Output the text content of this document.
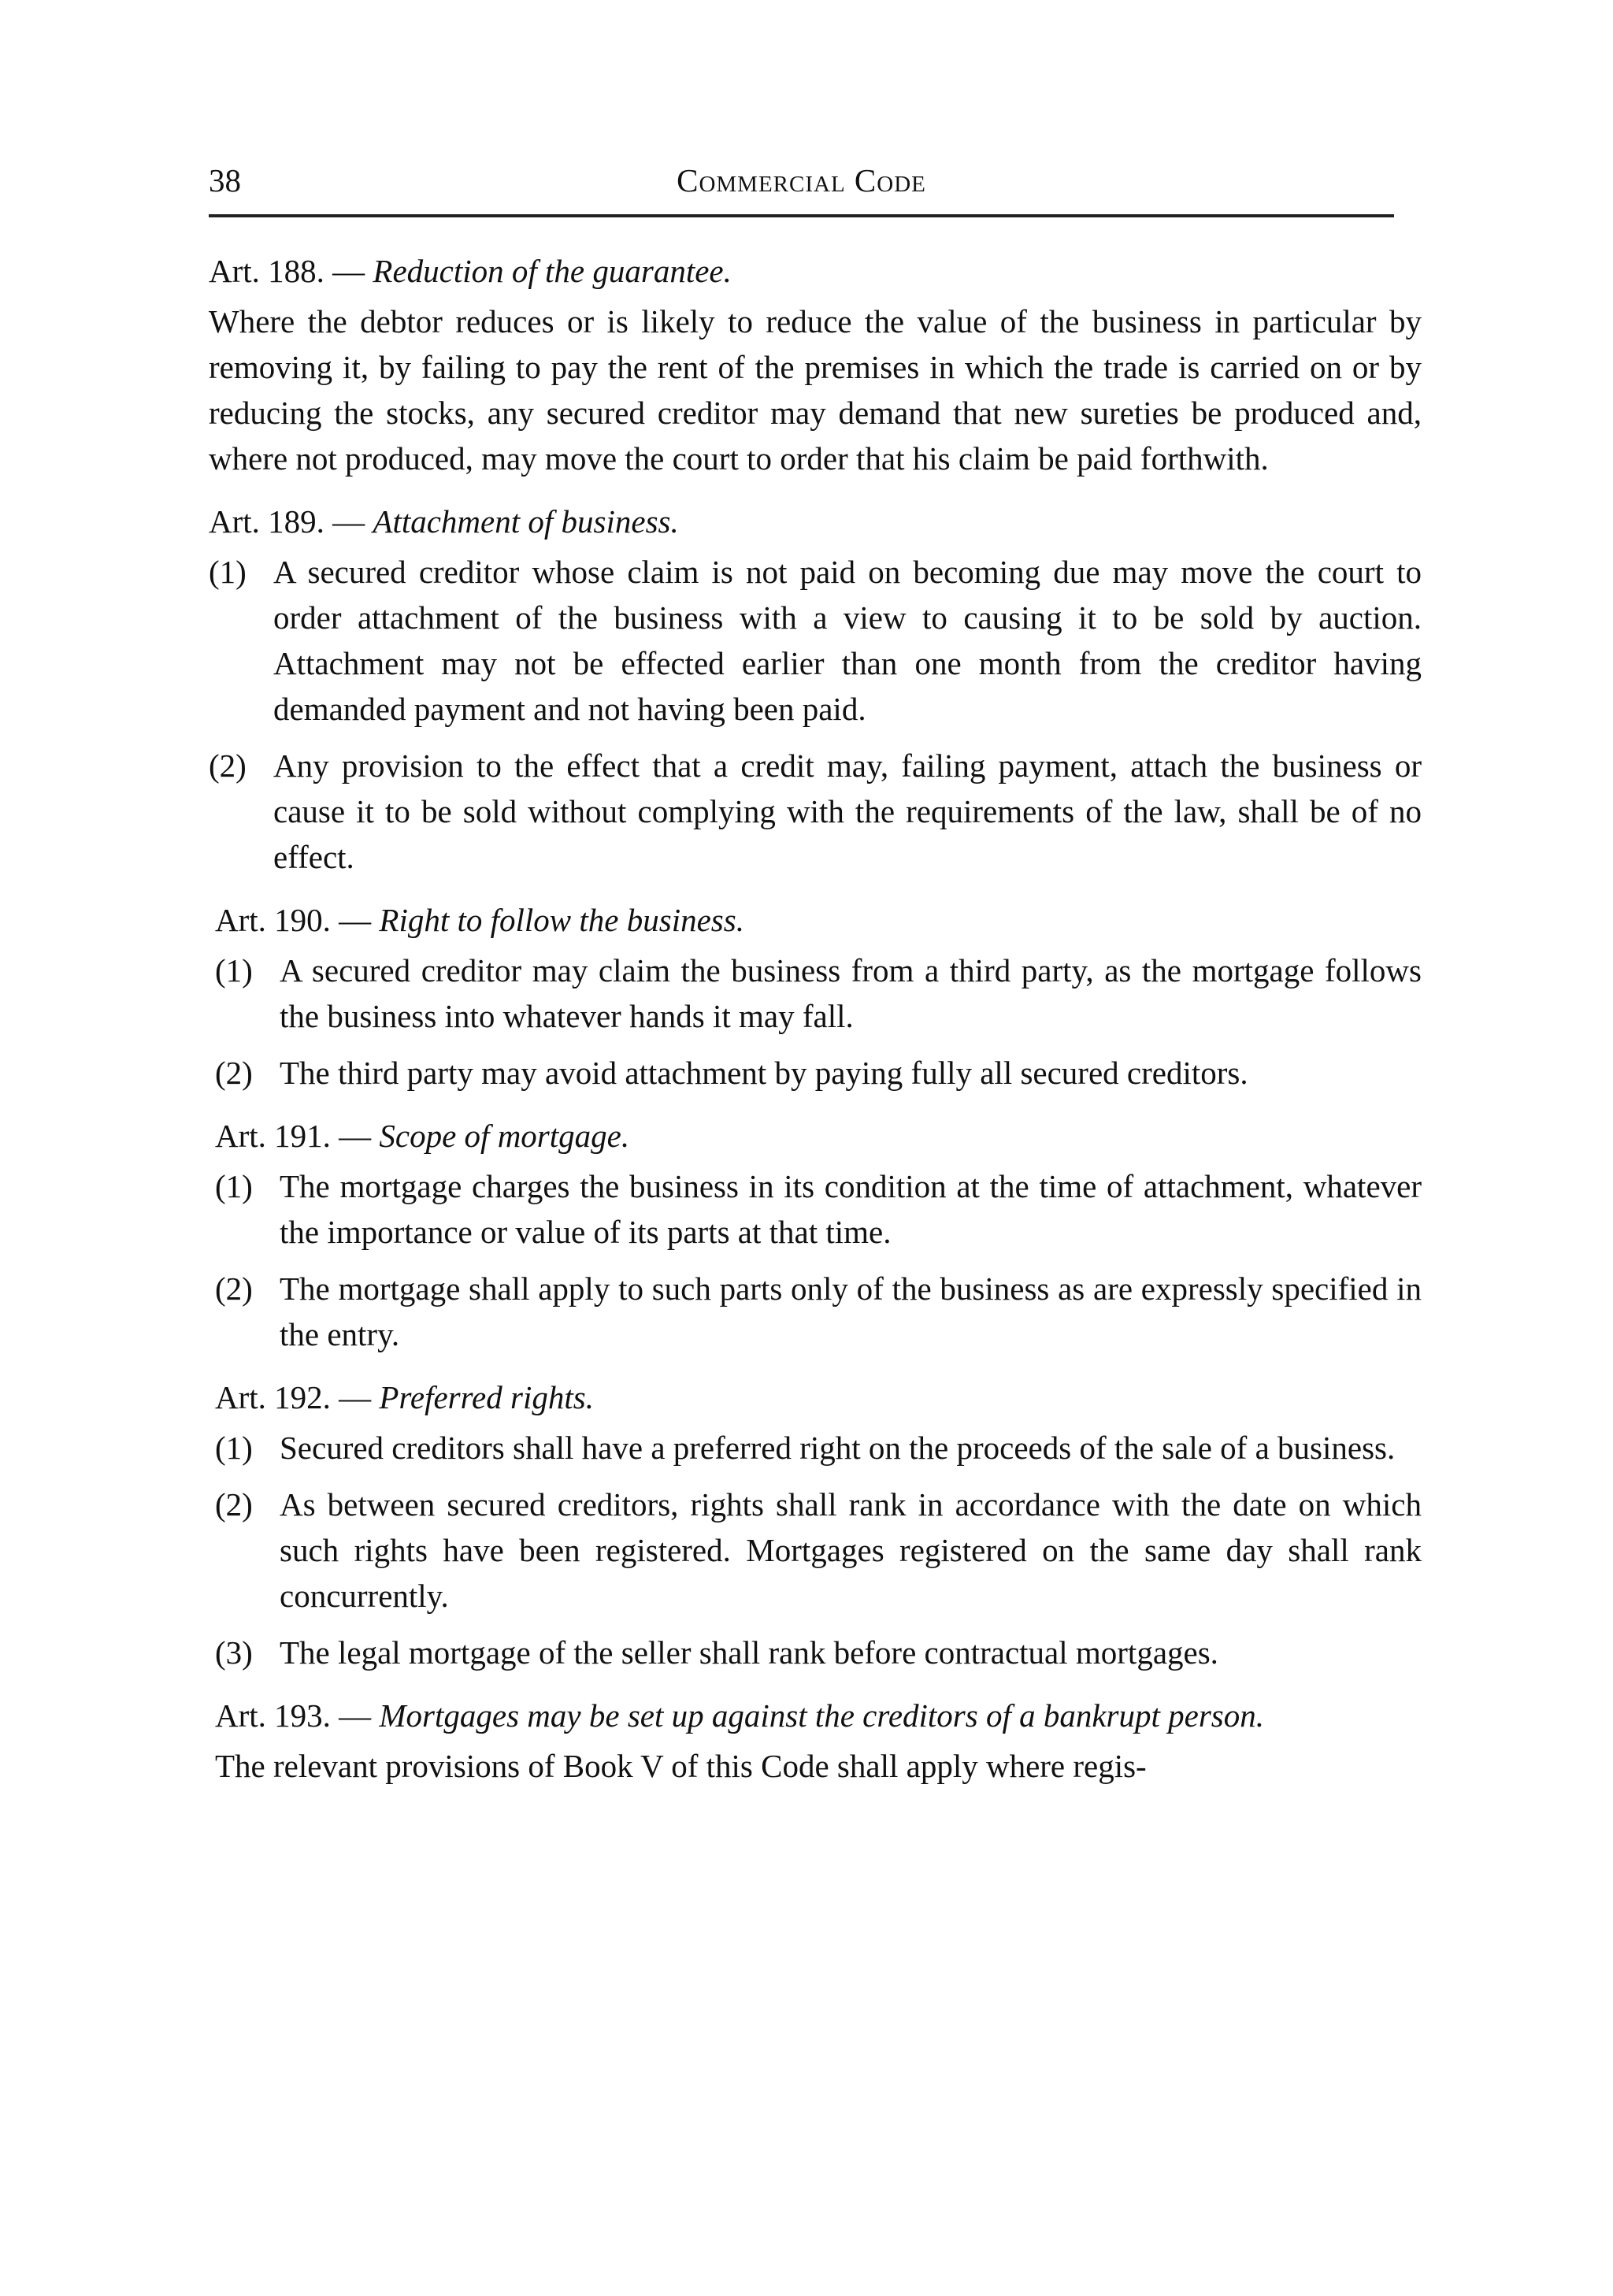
38	Commercial Code
Art. 188. — Reduction of the guarantee.

Where the debtor reduces or is likely to reduce the value of the business in particular by removing it, by failing to pay the rent of the premises in which the trade is carried on or by reducing the stocks, any secured creditor may demand that new sureties be produced and, where not produced, may move the court to order that his claim be paid forthwith.

Art. 189. — Attachment of business.
(1) A secured creditor whose claim is not paid on becoming due may move the court to order attachment of the business with a view to causing it to be sold by auction. Attachment may not be effected earlier than one month from the creditor having demanded payment and not having been paid.
(2) Any provision to the effect that a credit may, failing payment, attach the business or cause it to be sold without complying with the requirements of the law, shall be of no effect.
Art. 190. — Right to follow the business.
(1) A secured creditor may claim the business from a third party, as the mortgage follows the business into whatever hands it may fall.
(2) The third party may avoid attachment by paying fully all secured creditors.
Art. 191. — Scope of mortgage.
(1) The mortgage charges the business in its condition at the time of attachment, whatever the importance or value of its parts at that time.
(2) The mortgage shall apply to such parts only of the business as are expressly specified in the entry.
Art. 192. — Preferred rights.
(1) Secured creditors shall have a preferred right on the proceeds of the sale of a business.
(2) As between secured creditors, rights shall rank in accordance with the date on which such rights have been registered. Mortgages registered on the same day shall rank concurrently.
(3) The legal mortgage of the seller shall rank before contractual mortgages.
Art. 193. — Mortgages may be set up against the creditors of a bankrupt person.

The relevant provisions of Book V of this Code shall apply where regis-
